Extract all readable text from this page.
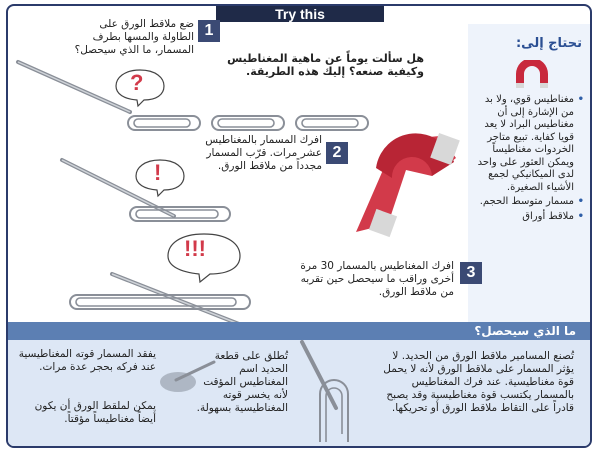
Try this
تحتاج إلى:
• مغناطيس قوي، ولا بد من الإشارة إلى أن مغناطيس البراد لا يعد قويا كفاية. تبيع متاجر الخردوات مغناطيساً ويمكن العثور على واحد لدى الميكانيكي لجمع الأشياء الصغيرة.
• مسمار متوسط الحجم.
• ملاقط أوراق
1
ضع ملاقط الورق على الطاولة والمسها بطرف المسمار، ما الذي سيحصل؟
هل سألت يوماً عن ماهية المغناطيس وكيفية صنعه؟ إليك هذه الطريقة.
?
2
افرك المسمار بالمغناطيس عشر مرات. قرّب المسمار مجدداً من ملاقط الورق.
!
3
افرك المغناطيس بالمسمار 30 مرة أخرى وراقب ما سيحصل حين تقربه من ملاقط الورق.
!!!
ما الذي سيحصل؟
تُصنع المسامير ملاقط الورق من الحديد. لا يؤثر المسمار على ملاقط الورق لأنه لا يحمل قوة مغناطيسية. عند فرك المغناطيس بالمسمار يكتسب قوة مغناطيسية وقد يصبح قادراً على التقاط ملاقط الورق أو تحريكها.
تُطلق على قطعة الحديد اسم المغناطيس المؤقت لأنه يخسر قوته المغناطيسية بسهولة.
يفقد المسمار قوته المغناطيسية عند فركه بحجر عدة مرات.
يمكن لملقط الورق أن يكون أيضاً مغناطيساً مؤقتاً.
